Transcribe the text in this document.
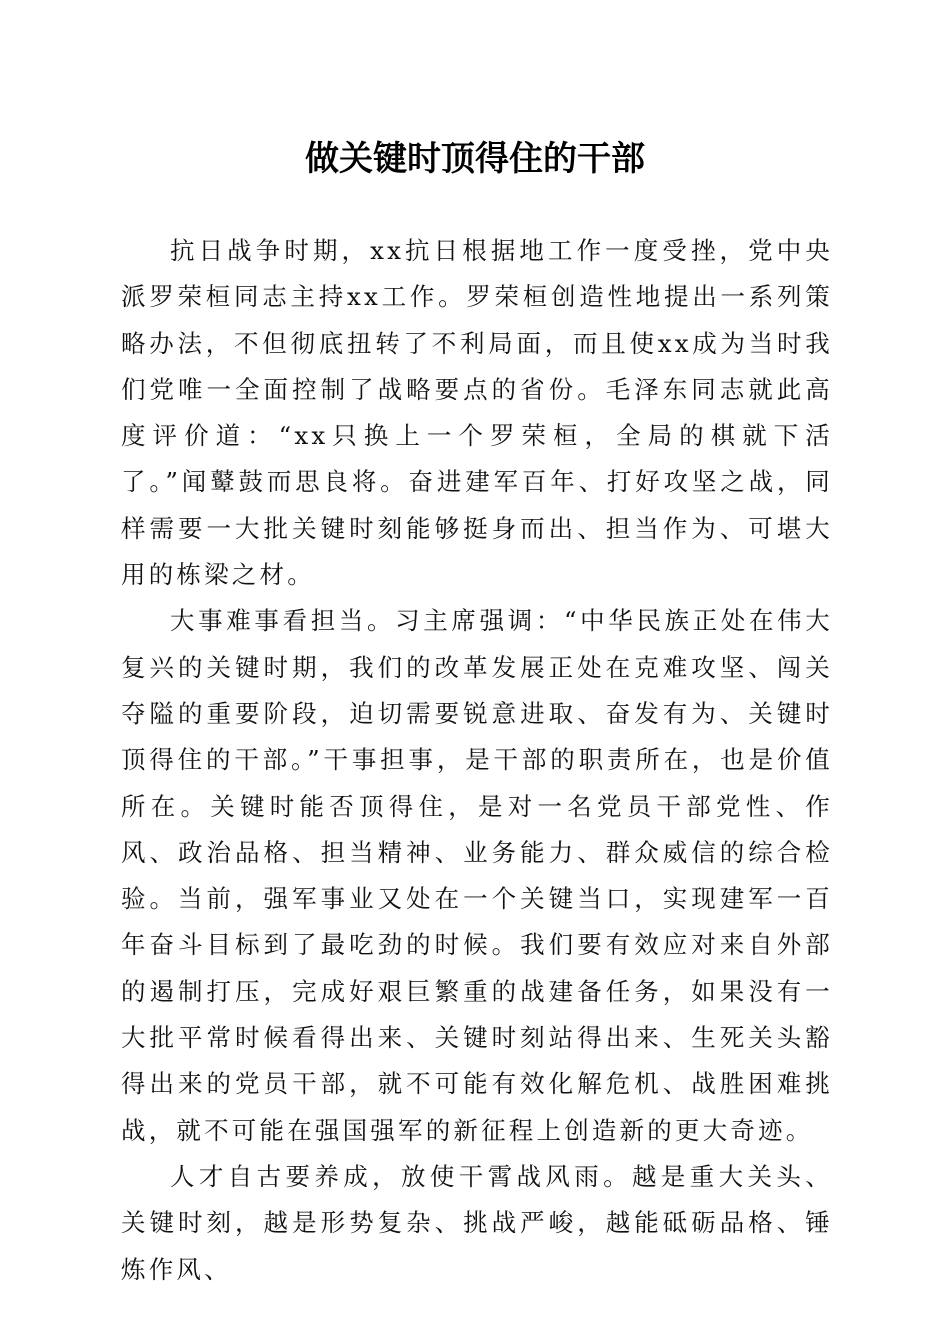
做关键时顶得住的干部

抗日战争时期，xx抗日根据地工作一度受挫，党中央派罗荣桓同志主持xx工作。罗荣桓创造性地提出一系列策略办法，不但彻底扭转了不利局面，而且使xx成为当时我们党唯一全面控制了战略要点的省份。毛泽东同志就此高度评价道：“xx只换上一个罗荣桓，全局的棋就下活了。”闻鼙鼓而思良将。奋进建军百年、打好攻坚之战，同样需要一大批关键时刻能够挺身而出、担当作为、可堪大用的栋梁之材。

大事难事看担当。习主席强调：“中华民族正处在伟大复兴的关键时期，我们的改革发展正处在克难攻坚、闯关夺隘的重要阶段，迫切需要锐意进取、奋发有为、关键时顶得住的干部。”干事担事，是干部的职责所在，也是价值所在。关键时能否顶得住，是对一名党员干部党性、作风、政治品格、担当精神、业务能力、群众威信的综合检验。当前，强军事业又处在一个关键当口，实现建军一百年奋斗目标到了最吃劲的时候。我们要有效应对来自外部的遏制打压，完成好艰巨繁重的战建备任务，如果没有一大批平常时候看得出来、关键时刻站得出来、生死关头豁得出来的党员干部，就不可能有效化解危机、战胜困难挑战，就不可能在强国强军的新征程上创造新的更大奇迹。

人才自古要养成，放使干霄战风雨。越是重大关头、关键时刻，越是形势复杂、挑战严峻，越能砥砺品格、锤炼作风、
